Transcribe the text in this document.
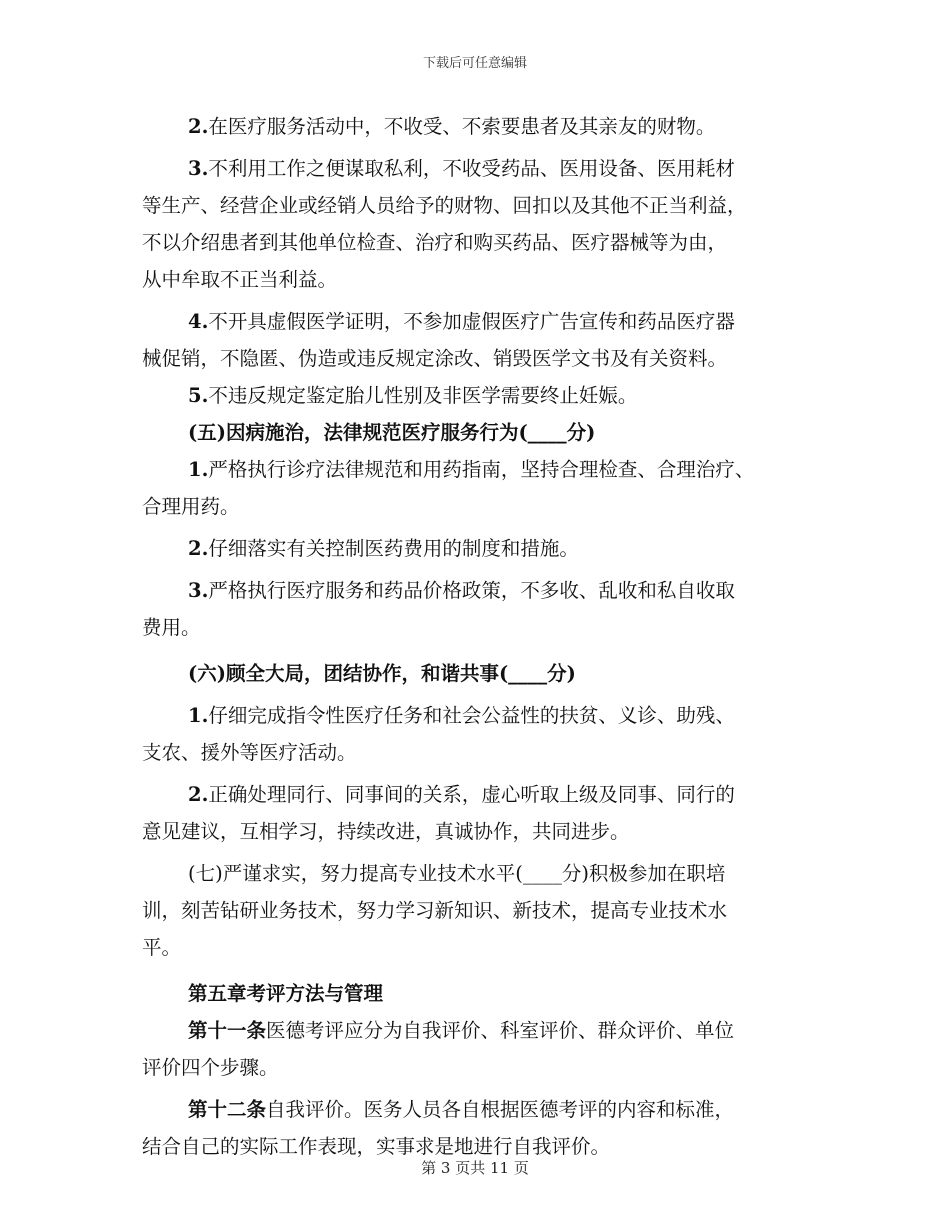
下载后可任意编辑
2.在医疗服务活动中，不收受、不索要患者及其亲友的财物。
3.不利用工作之便谋取私利，不收受药品、医用设备、医用耗材
等生产、经营企业或经销人员给予的财物、回扣以及其他不正当利益，
不以介绍患者到其他单位检查、治疗和购买药品、医疗器械等为由，
从中牟取不正当利益。
4.不开具虚假医学证明，不参加虚假医疗广告宣传和药品医疗器
械促销，不隐匿、伪造或违反规定涂改、销毁医学文书及有关资料。
5.不违反规定鉴定胎儿性别及非医学需要终止妊娠。
(五)因病施治，法律规范医疗服务行为(____分)
1.严格执行诊疗法律规范和用药指南，坚持合理检查、合理治疗、
合理用药。
2.仔细落实有关控制医药费用的制度和措施。
3.严格执行医疗服务和药品价格政策，不多收、乱收和私自收取
费用。
(六)顾全大局，团结协作，和谐共事(____分)
1.仔细完成指令性医疗任务和社会公益性的扶贫、义诊、助残、
支农、援外等医疗活动。
2.正确处理同行、同事间的关系，虚心听取上级及同事、同行的
意见建议，互相学习，持续改进，真诚协作，共同进步。
(七)严谨求实，努力提高专业技术水平(____分)积极参加在职培
训，刻苦钻研业务技术，努力学习新知识、新技术，提高专业技术水
平。
第五章考评方法与管理
第十一条医德考评应分为自我评价、科室评价、群众评价、单位
评价四个步骤。
第十二条自我评价。医务人员各自根据医德考评的内容和标准，
结合自己的实际工作表现，实事求是地进行自我评价。
第 3 页共 11 页
